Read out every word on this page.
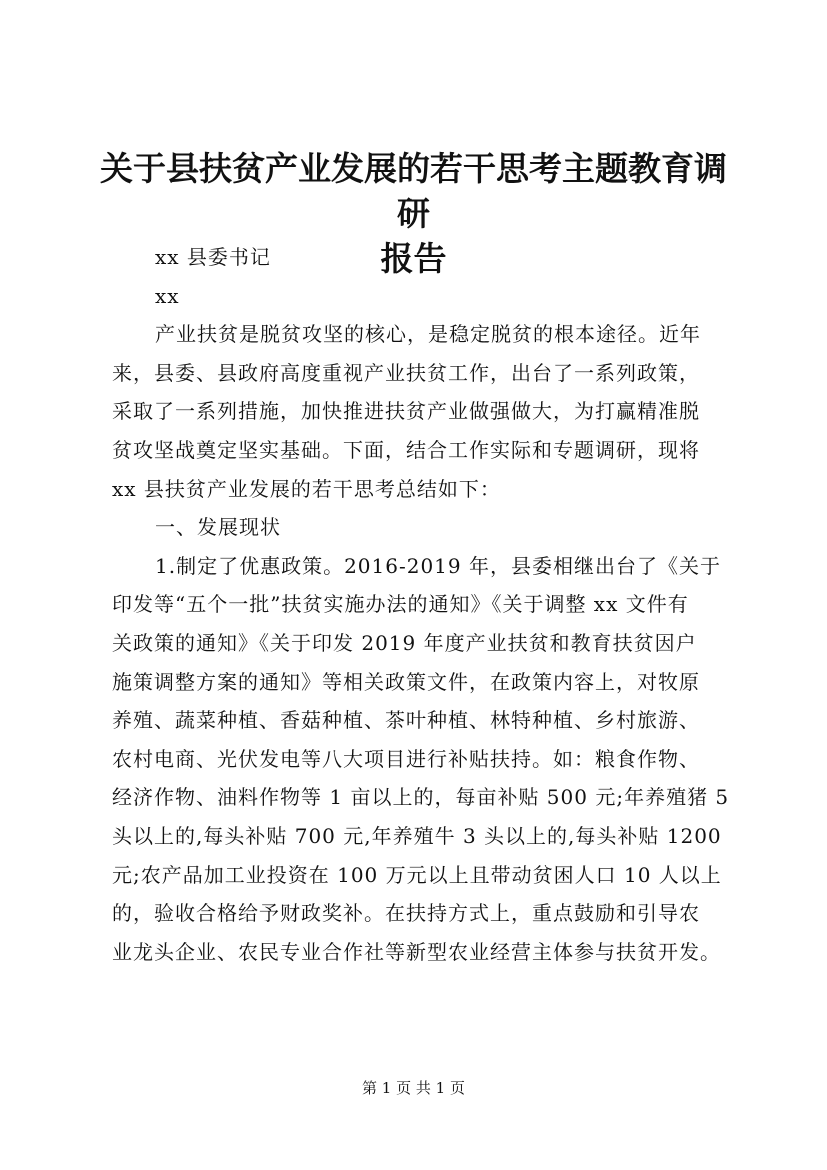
关于县扶贫产业发展的若干思考主题教育调研
报告

xx 县委书记

xx

产业扶贫是脱贫攻坚的核心，是稳定脱贫的根本途径。近年

来，县委、县政府高度重视产业扶贫工作，出台了一系列政策，

采取了一系列措施，加快推进扶贫产业做强做大，为打赢精准脱

贫攻坚战奠定坚实基础。下面，结合工作实际和专题调研，现将

xx 县扶贫产业发展的若干思考总结如下：

一、发展现状

1.制定了优惠政策。2016-2019 年，县委相继出台了《关于

印发等“五个一批”扶贫实施办法的通知》《关于调整 xx 文件有

关政策的通知》《关于印发 2019 年度产业扶贫和教育扶贫因户

施策调整方案的通知》等相关政策文件，在政策内容上，对牧原

养殖、蔬菜种植、香菇种植、茶叶种植、林特种植、乡村旅游、

农村电商、光伏发电等八大项目进行补贴扶持。如：粮食作物、

经济作物、油料作物等 1 亩以上的，每亩补贴 500 元;年养殖猪 5

头以上的,每头补贴 700 元,年养殖牛 3 头以上的,每头补贴 1200

元;农产品加工业投资在 100 万元以上且带动贫困人口 10 人以上

的，验收合格给予财政奖补。在扶持方式上，重点鼓励和引导农

业龙头企业、农民专业合作社等新型农业经营主体参与扶贫开发。

第 1 页 共 1 页
